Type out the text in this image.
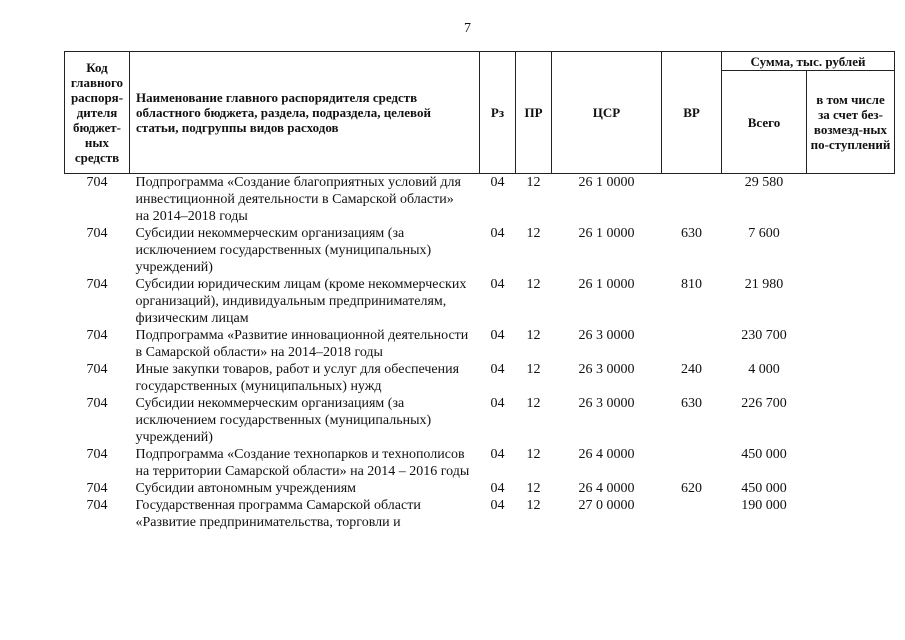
7
Код главного распоря-дителя бюджет-ных средств	Наименование главного распорядителя средств областного бюджета, раздела, подраздела, целевой статьи, подгруппы видов расходов	Рз	ПР	ЦСР	ВР	Сумма, тыс. рублей	
						Всего	в том числе за счет без-возмезд-ных по-ступлений
704	Подпрограмма «Создание благоприятных условий для инвестиционной деятельности в Самарской области» на 2014–2018 годы	04	12	26 1 0000		29 580	
704	Субсидии некоммерческим организациям (за исключением государственных (муниципальных) учреждений)	04	12	26 1 0000	630	7 600	
704	Субсидии юридическим лицам (кроме некоммерческих организаций), индивидуальным предпринимателям, физическим лицам	04	12	26 1 0000	810	21 980	
704	Подпрограмма «Развитие инновационной деятельности в Самарской области» на 2014–2018 годы	04	12	26 3 0000		230 700	
704	Иные закупки товаров, работ и услуг для обеспечения государственных (муниципальных) нужд	04	12	26 3 0000	240	4 000	
704	Субсидии некоммерческим организациям (за исключением государственных (муниципальных) учреждений)	04	12	26 3 0000	630	226 700	
704	Подпрограмма «Создание технопарков и технополисов на территории Самарской области» на 2014 – 2016 годы	04	12	26 4 0000		450 000	
704	Субсидии автономным учреждениям	04	12	26 4 0000	620	450 000	
704	Государственная программа Самарской области «Развитие предпринимательства, торговли и	04	12	27 0 0000		190 000	
